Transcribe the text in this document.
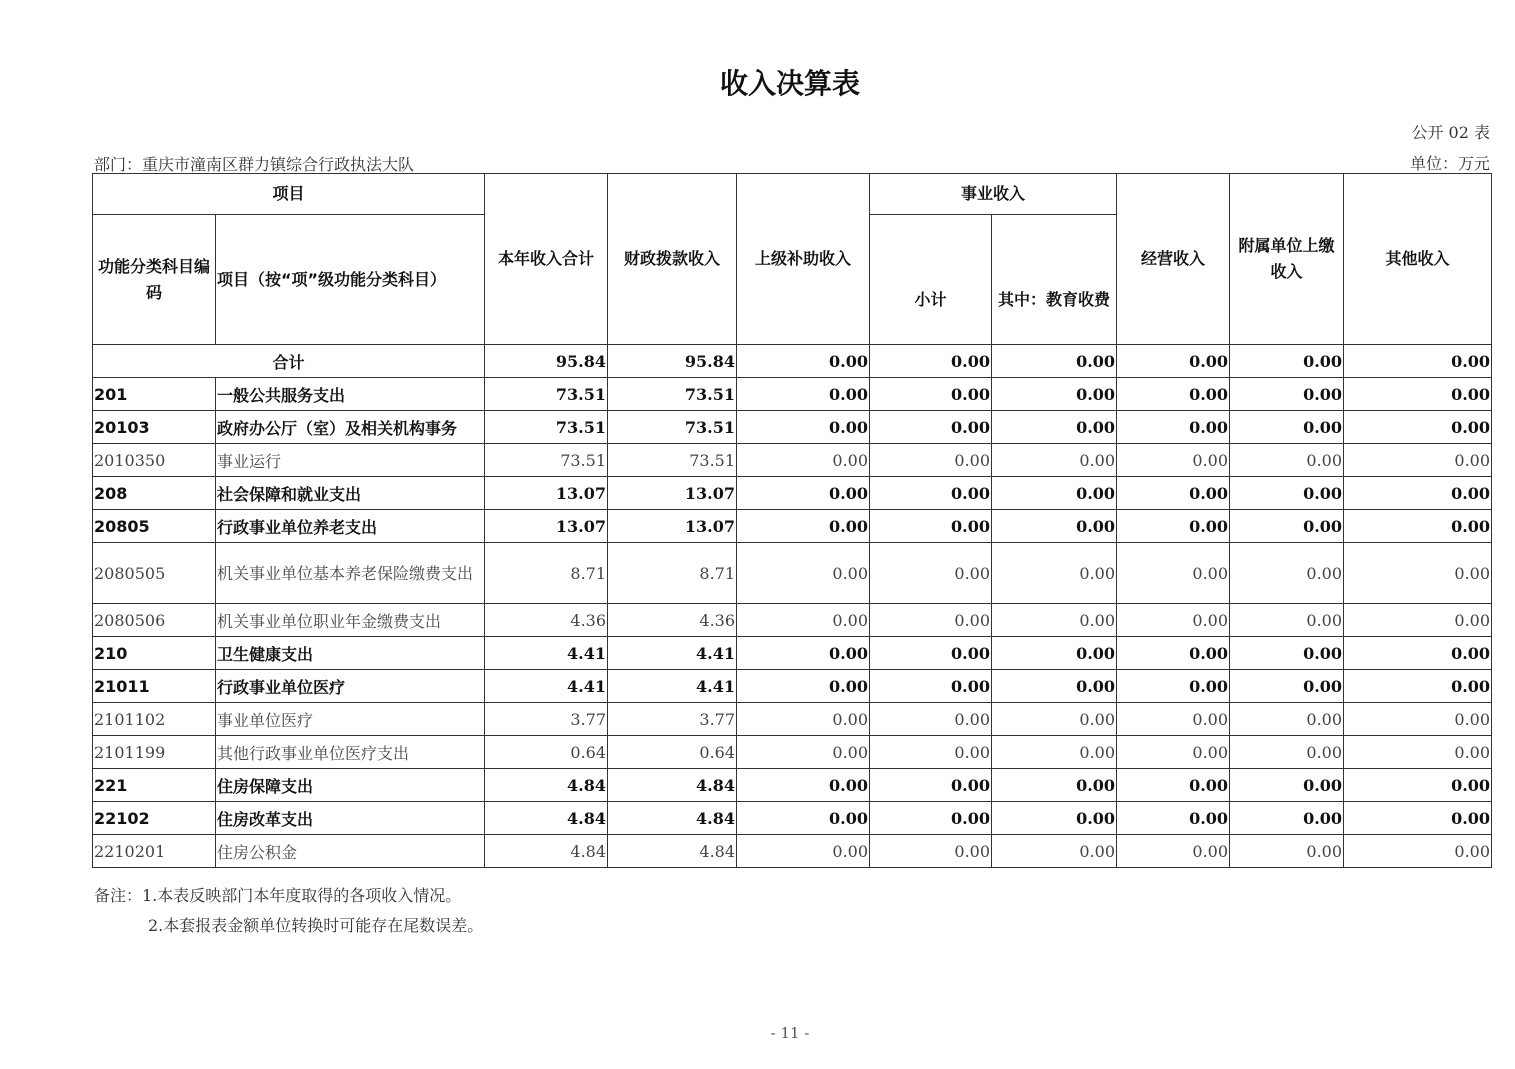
收入决算表
公开 02 表
部门：重庆市潼南区群力镇综合行政执法大队	单位：万元
项目		本年收入合计	财政拨款收入	上级补助收入	事业收入		经营收入	附属单位上缴收入	其他收入
功能分类科目编码	项目（按“项”级功能分类科目）				小计	其中：教育收费			
合计		95.84	95.84	0.00	0.00	0.00	0.00	0.00	0.00
201	一般公共服务支出	73.51	73.51	0.00	0.00	0.00	0.00	0.00	0.00
20103	政府办公厅（室）及相关机构事务	73.51	73.51	0.00	0.00	0.00	0.00	0.00	0.00
2010350	事业运行	73.51	73.51	0.00	0.00	0.00	0.00	0.00	0.00
208	社会保障和就业支出	13.07	13.07	0.00	0.00	0.00	0.00	0.00	0.00
20805	行政事业单位养老支出	13.07	13.07	0.00	0.00	0.00	0.00	0.00	0.00
2080505	机关事业单位基本养老保险缴费支出	8.71	8.71	0.00	0.00	0.00	0.00	0.00	0.00
2080506	机关事业单位职业年金缴费支出	4.36	4.36	0.00	0.00	0.00	0.00	0.00	0.00
210	卫生健康支出	4.41	4.41	0.00	0.00	0.00	0.00	0.00	0.00
21011	行政事业单位医疗	4.41	4.41	0.00	0.00	0.00	0.00	0.00	0.00
2101102	事业单位医疗	3.77	3.77	0.00	0.00	0.00	0.00	0.00	0.00
2101199	其他行政事业单位医疗支出	0.64	0.64	0.00	0.00	0.00	0.00	0.00	0.00
221	住房保障支出	4.84	4.84	0.00	0.00	0.00	0.00	0.00	0.00
22102	住房改革支出	4.84	4.84	0.00	0.00	0.00	0.00	0.00	0.00
2210201	住房公积金	4.84	4.84	0.00	0.00	0.00	0.00	0.00	0.00
备注：1.本表反映部门本年度取得的各项收入情况。
2.本套报表金额单位转换时可能存在尾数误差。
- 11 -
